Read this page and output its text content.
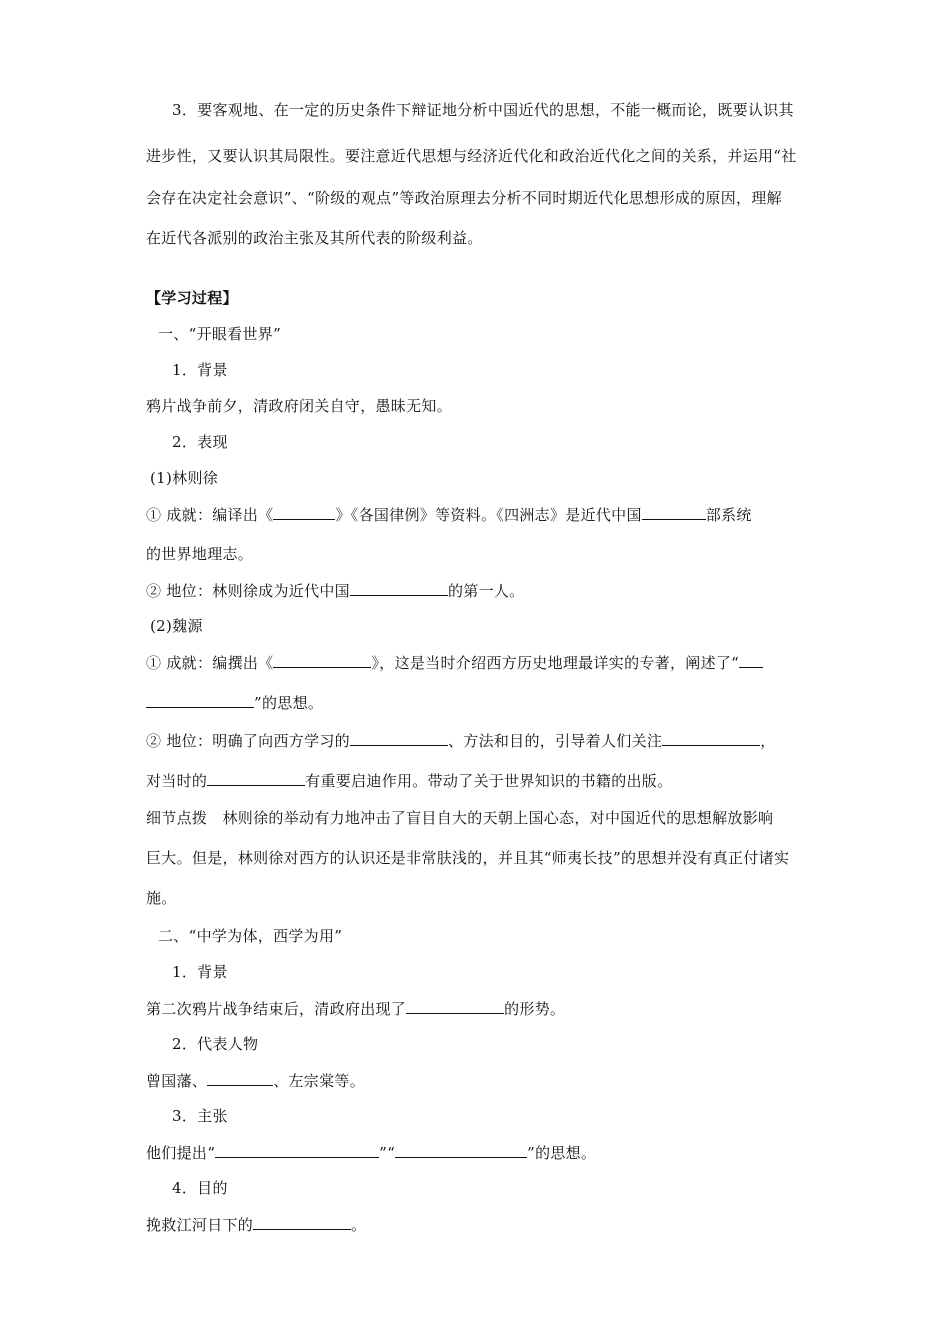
3．要客观地、在一定的历史条件下辩证地分析中国近代的思想，不能一概而论，既要认识其
进步性，又要认识其局限性。要注意近代思想与经济近代化和政治近代化之间的关系，并运用“社
会存在决定社会意识”、“阶级的观点”等政治原理去分析不同时期近代化思想形成的原因，理解
在近代各派别的政治主张及其所代表的阶级利益。
【学习过程】
一、“开眼看世界”
1．背景
鸦片战争前夕，清政府闭关自守，愚昧无知。
2．表现
(1)林则徐
① 成就：编译出《	》《各国律例》等资料。《四洲志》是近代中国	部系统
的世界地理志。
② 地位：林则徐成为近代中国	的第一人。
(2)魏源
① 成就：编撰出《	》，这是当时介绍西方历史地理最详实的专著，阐述了“
”的思想。
② 地位：明确了向西方学习的	、方法和目的，引导着人们关注	，
对当时的	有重要启迪作用。带动了关于世界知识的书籍的出版。
细节点拨　林则徐的举动有力地冲击了盲目自大的天朝上国心态，对中国近代的思想解放影响
巨大。但是，林则徐对西方的认识还是非常肤浅的，并且其“师夷长技”的思想并没有真正付诸实
施。
二、“中学为体，西学为用”
1．背景
第二次鸦片战争结束后，清政府出现了	的形势。
2．代表人物
曾国藩、	、左宗棠等。
3．主张
他们提出“	”“	”的思想。
4．目的
挽救江河日下的	。
